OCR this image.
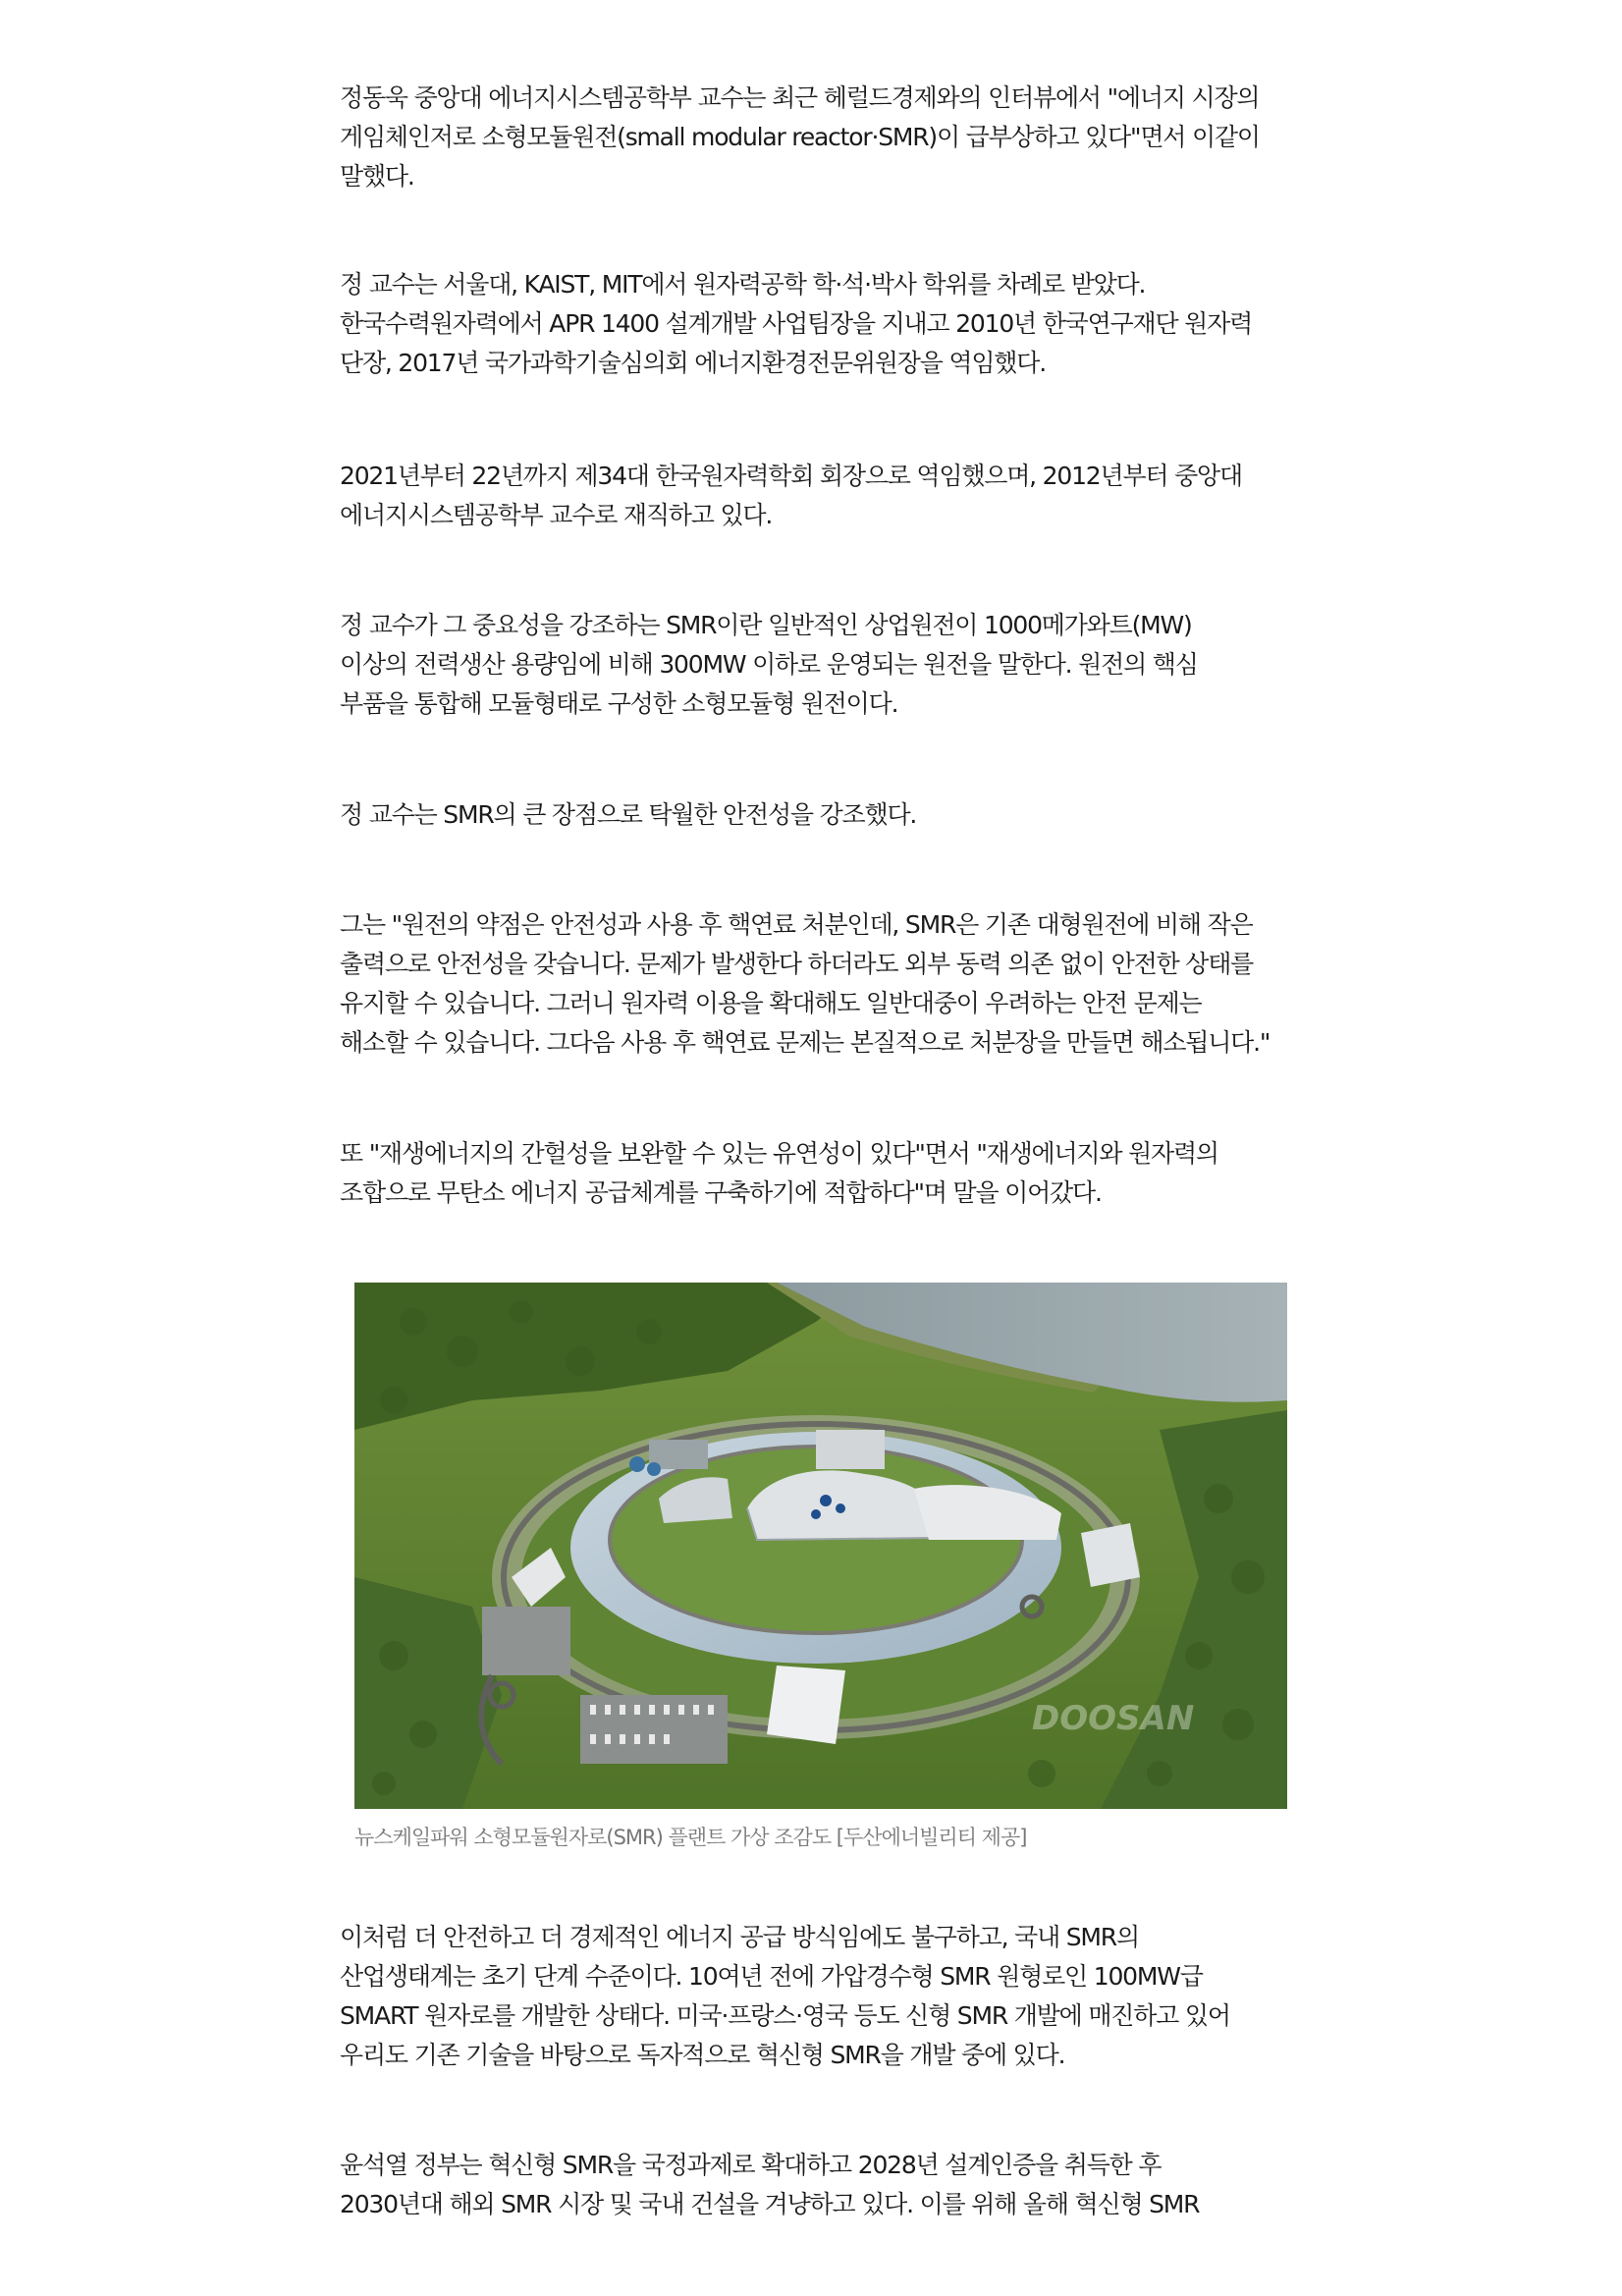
정동욱 중앙대 에너지시스템공학부 교수는 최근 헤럴드경제와의 인터뷰에서 "에너지 시장의
게임체인저로 소형모듈원전(small modular reactor·SMR)이 급부상하고 있다"면서 이같이
말했다.

정 교수는 서울대, KAIST, MIT에서 원자력공학 학·석·박사 학위를 차례로 받았다.
한국수력원자력에서 APR 1400 설계개발 사업팀장을 지내고 2010년 한국연구재단 원자력
단장, 2017년 국가과학기술심의회 에너지환경전문위원장을 역임했다.

2021년부터 22년까지 제34대 한국원자력학회 회장으로 역임했으며, 2012년부터 중앙대
에너지시스템공학부 교수로 재직하고 있다.

정 교수가 그 중요성을 강조하는 SMR이란 일반적인 상업원전이 1000메가와트(MW)
이상의 전력생산 용량임에 비해 300MW 이하로 운영되는 원전을 말한다. 원전의 핵심
부품을 통합해 모듈형태로 구성한 소형모듈형 원전이다.

정 교수는 SMR의 큰 장점으로 탁월한 안전성을 강조했다.

그는 "원전의 약점은 안전성과 사용 후 핵연료 처분인데, SMR은 기존 대형원전에 비해 작은
출력으로 안전성을 갖습니다. 문제가 발생한다 하더라도 외부 동력 의존 없이 안전한 상태를
유지할 수 있습니다. 그러니 원자력 이용을 확대해도 일반대중이 우려하는 안전 문제는
해소할 수 있습니다. 그다음 사용 후 핵연료 문제는 본질적으로 처분장을 만들면 해소됩니다."

또 "재생에너지의 간헐성을 보완할 수 있는 유연성이 있다"면서 "재생에너지와 원자력의
조합으로 무탄소 에너지 공급체계를 구축하기에 적합하다"며 말을 이어갔다.

DOOSAN
뉴스케일파워 소형모듈원자로(SMR) 플랜트 가상 조감도 [두산에너빌리티 제공]

이처럼 더 안전하고 더 경제적인 에너지 공급 방식임에도 불구하고, 국내 SMR의
산업생태계는 초기 단계 수준이다. 10여년 전에 가압경수형 SMR 원형로인 100MW급
SMART 원자로를 개발한 상태다. 미국·프랑스·영국 등도 신형 SMR 개발에 매진하고 있어
우리도 기존 기술을 바탕으로 독자적으로 혁신형 SMR을 개발 중에 있다.

윤석열 정부는 혁신형 SMR을 국정과제로 확대하고 2028년 설계인증을 취득한 후
2030년대 해외 SMR 시장 및 국내 건설을 겨냥하고 있다. 이를 위해 올해 혁신형 SMR
